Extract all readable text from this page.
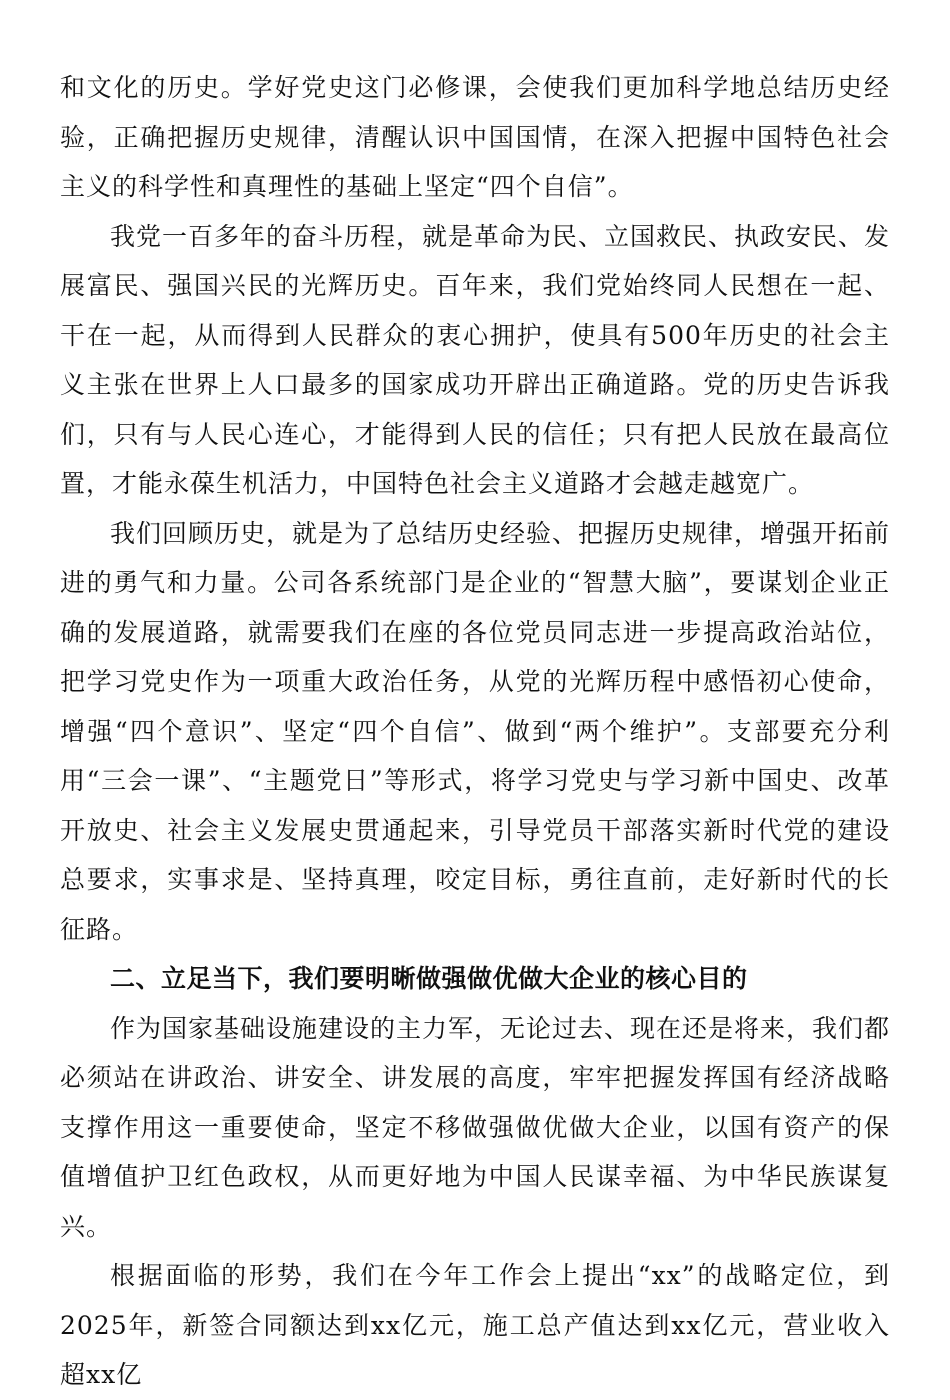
和文化的历史。学好党史这门必修课，会使我们更加科学地总结历史经验，正确把握历史规律，清醒认识中国国情，在深入把握中国特色社会主义的科学性和真理性的基础上坚定“四个自信”。

我党一百多年的奋斗历程，就是革命为民、立国救民、执政安民、发展富民、强国兴民的光辉历史。百年来，我们党始终同人民想在一起、干在一起，从而得到人民群众的衷心拥护，使具有500年历史的社会主义主张在世界上人口最多的国家成功开辟出正确道路。党的历史告诉我们，只有与人民心连心，才能得到人民的信任；只有把人民放在最高位置，才能永葆生机活力，中国特色社会主义道路才会越走越宽广。

我们回顾历史，就是为了总结历史经验、把握历史规律，增强开拓前进的勇气和力量。公司各系统部门是企业的“智慧大脑”，要谋划企业正确的发展道路，就需要我们在座的各位党员同志进一步提高政治站位，把学习党史作为一项重大政治任务，从党的光辉历程中感悟初心使命，增强“四个意识”、坚定“四个自信”、做到“两个维护”。支部要充分利用“三会一课”、“主题党日”等形式，将学习党史与学习新中国史、改革开放史、社会主义发展史贯通起来，引导党员干部落实新时代党的建设总要求，实事求是、坚持真理，咬定目标，勇往直前，走好新时代的长征路。

二、立足当下，我们要明晰做强做优做大企业的核心目的

作为国家基础设施建设的主力军，无论过去、现在还是将来，我们都必须站在讲政治、讲安全、讲发展的高度，牢牢把握发挥国有经济战略支撑作用这一重要使命，坚定不移做强做优做大企业，以国有资产的保值增值护卫红色政权，从而更好地为中国人民谋幸福、为中华民族谋复兴。

根据面临的形势，我们在今年工作会上提出“xx”的战略定位，到2025年，新签合同额达到xx亿元，施工总产值达到xx亿元，营业收入超xx亿
